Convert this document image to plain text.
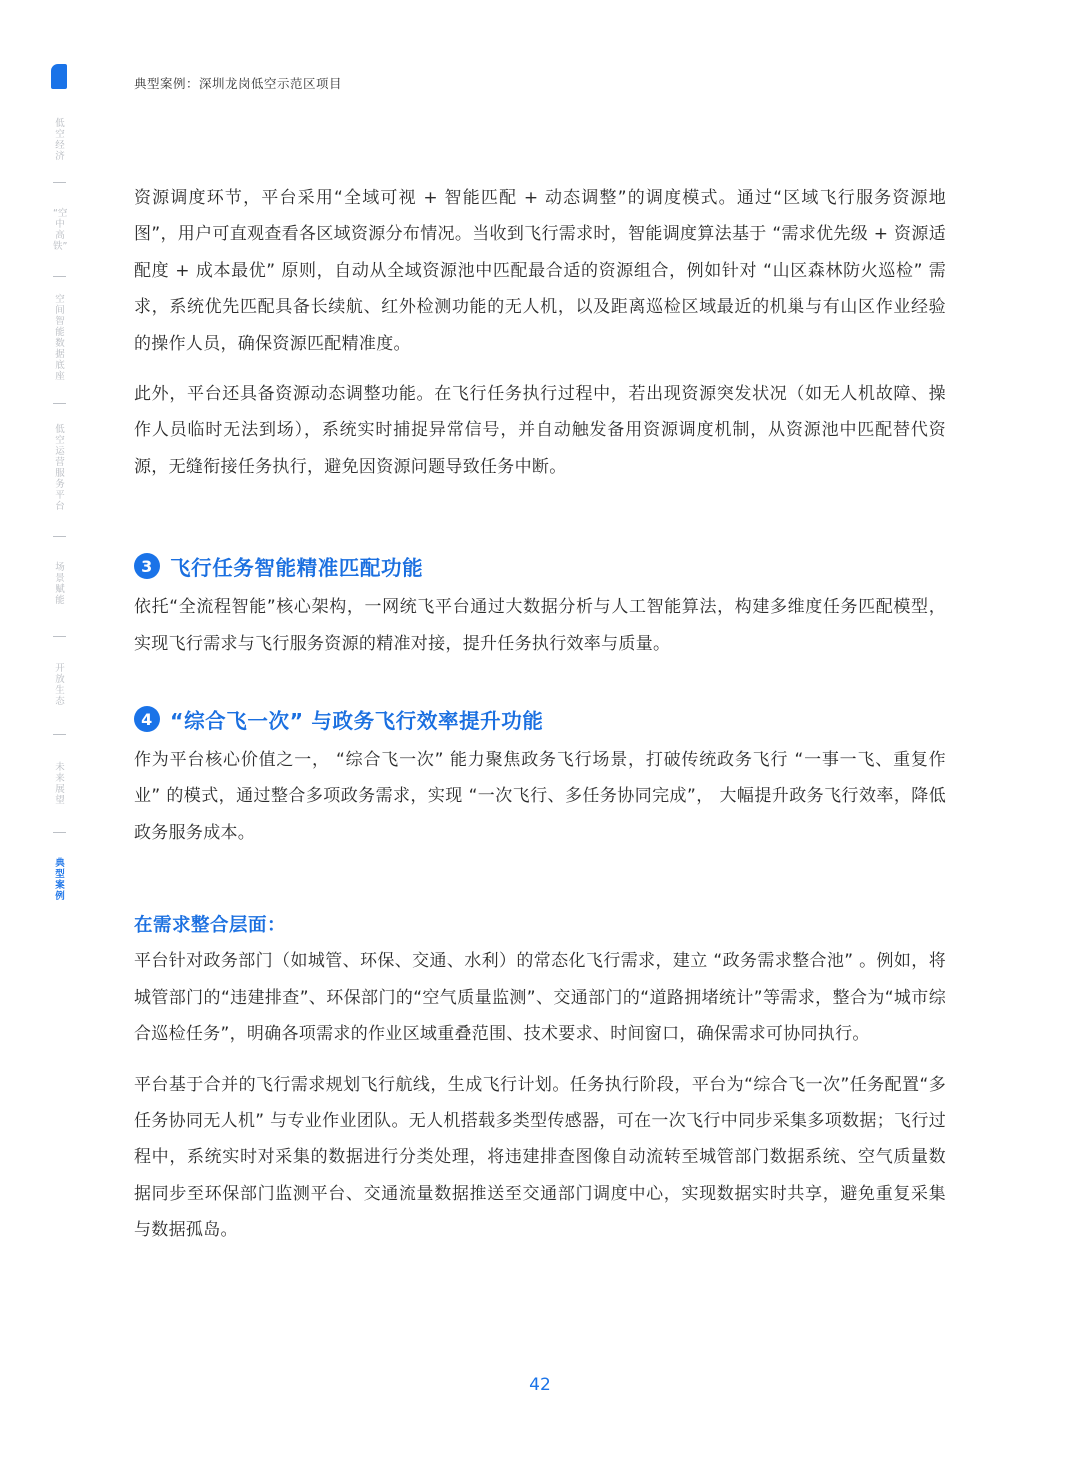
典型案例：深圳龙岗低空示范区项目
低空经济
“空中高铁”
空间智能数据底座
低空运营服务平台
场景赋能
开放生态
未来展望
典型案例

资源调度环节，平台采用“全域可视 + 智能匹配 + 动态调整”的调度模式。通过“区域飞行服务资源地图”，用户可直观查看各区域资源分布情况。当收到飞行需求时，智能调度算法基于 “需求优先级 + 资源适配度 + 成本最优” 原则，自动从全域资源池中匹配最合适的资源组合，例如针对 “山区森林防火巡检” 需求，系统优先匹配具备长续航、红外检测功能的无人机，以及距离巡检区域最近的机巢与有山区作业经验的操作人员，确保资源匹配精准度。

此外，平台还具备资源动态调整功能。在飞行任务执行过程中，若出现资源突发状况（如无人机故障、操作人员临时无法到场），系统实时捕捉异常信号，并自动触发备用资源调度机制，从资源池中匹配替代资源，无缝衔接任务执行，避免因资源问题导致任务中断。

3 飞行任务智能精准匹配功能

依托“全流程智能”核心架构，一网统飞平台通过大数据分析与人工智能算法，构建多维度任务匹配模型，实现飞行需求与飞行服务资源的精准对接，提升任务执行效率与质量。

4 “综合飞一次” 与政务飞行效率提升功能

作为平台核心价值之一， “综合飞一次” 能力聚焦政务飞行场景，打破传统政务飞行 “一事一飞、重复作业” 的模式，通过整合多项政务需求，实现 “一次飞行、多任务协同完成”， 大幅提升政务飞行效率，降低政务服务成本。

在需求整合层面：

平台针对政务部门（如城管、环保、交通、水利）的常态化飞行需求，建立 “政务需求整合池” 。例如，将城管部门的“违建排查”、环保部门的“空气质量监测”、交通部门的“道路拥堵统计”等需求，整合为“城市综合巡检任务”，明确各项需求的作业区域重叠范围、技术要求、时间窗口，确保需求可协同执行。

平台基于合并的飞行需求规划飞行航线，生成飞行计划。任务执行阶段，平台为“综合飞一次”任务配置“多任务协同无人机” 与专业作业团队。无人机搭载多类型传感器，可在一次飞行中同步采集多项数据；飞行过程中，系统实时对采集的数据进行分类处理，将违建排查图像自动流转至城管部门数据系统、空气质量数据同步至环保部门监测平台、交通流量数据推送至交通部门调度中心，实现数据实时共享，避免重复采集与数据孤岛。

42
